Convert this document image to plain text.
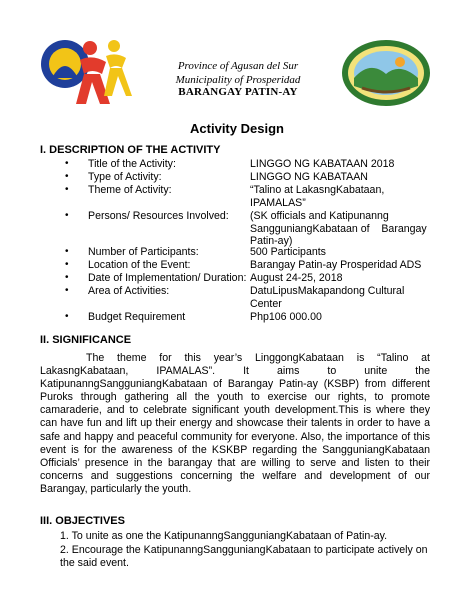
Province of Agusan del Sur
Municipality of Prosperidad
BARANGAY PATIN-AY
Activity Design
I. DESCRIPTION OF THE ACTIVITY
• Title of the Activity:	LINGGO NG KABATAAN 2018
• Type of Activity:	LINGGO NG KABATAAN
• Theme of Activity:	“Talino at LakasngKabataan,
IPAMALAS”
• Persons/ Resources Involved: (SK officials and Katipunanng
SangguniangKabataan of    Barangay
Patin-ay)
• Number of Participants:	500 Participants
• Location of the Event:	Barangay Patin-ay Prosperidad ADS
• Date of Implementation/ Duration: August 24-25, 2018
• Area of Activities:	DatuLipusMakapandong Cultural
Center
• Budget Requirement	Php106 000.00
II. SIGNIFICANCE
The theme for this year’s LinggongKabataan is “Talino at LakasngKabataan, IPAMALAS”. It aims to unite the KatipunanngSangguniangKabataan of Barangay Patin-ay (KSBP) from different Puroks through gathering all the youth to exercise our rights, to promote camaraderie, and to celebrate significant youth development.This is where they can have fun and lift up their energy and showcase their talents in order to have a safe and happy and peaceful community for everyone. Also, the importance of this event is for the awareness of the KSKBP regarding the SangguniangKabataan Officials’ presence in the barangay that are willing to serve and listen to their concerns and suggestions concerning the welfare and development of our Barangay, particularly the youth.
III. OBJECTIVES

1. To unite as one the KatipunanngSangguniangKabataan of Patin-ay.

2. Encourage the KatipunanngSangguniangKabataan to participate actively on the said event.
